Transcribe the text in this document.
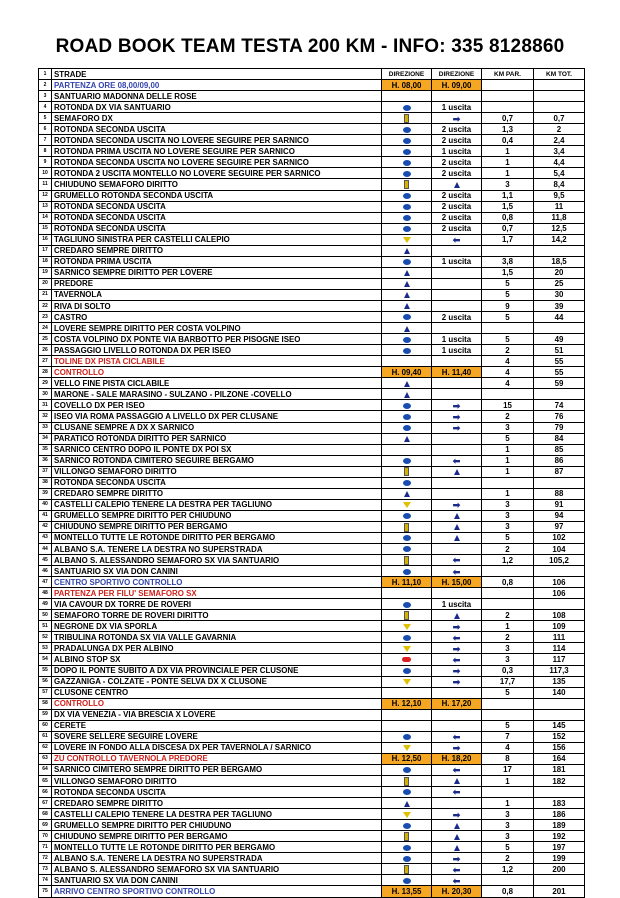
ROAD BOOK TEAM TESTA 200 KM - INFO: 335 8128860
1	STRADE	DIREZIONE	DIREZIONE	KM PAR.	KM TOT.
2	PARTENZA ORE 08,00/09,00	H. 08,00	H. 09,00		
3	SANTUARIO MADONNA DELLE ROSE				
4	ROTONDA DX VIA SANTUARIO		1 uscita		
5	SEMAFORO DX		➡	0,7	0,7
6	ROTONDA SECONDA USCITA		2 uscita	1,3	2
7	ROTONDA SECONDA USCITA NO LOVERE SEGUIRE PER SARNICO		2 uscita	0,4	2,4
8	ROTONDA PRIMA USCITA NO LOVERE SEGUIRE PER SARNICO		1 uscita	1	3,4
9	ROTONDA SECONDA USCITA NO LOVERE SEGUIRE PER SARNICO		2 uscita	1	4,4
10	ROTONDA 2 USCITA MONTELLO NO LOVERE SEGUIRE PER SARNICO		2 uscita	1	5,4
11	CHIUDUNO SEMAFORO DIRITTO			3	8,4
12	GRUMELLO ROTONDA SECONDA USCITA		2 uscita	1,1	9,5
13	ROTONDA SECONDA USCITA		2 uscita	1,5	11
14	ROTONDA SECONDA USCITA		2 uscita	0,8	11,8
15	ROTONDA SECONDA USCITA		2 uscita	0,7	12,5
16	TAGLIUNO SINISTRA PER CASTELLI CALEPIO		⬅	1,7	14,2
17	CREDARO SEMPRE DIRITTO				
18	ROTONDA PRIMA USCITA		1 uscita	3,8	18,5
19	SARNICO SEMPRE DIRITTO PER LOVERE			1,5	20
20	PREDORE			5	25
21	TAVERNOLA			5	30
22	RIVA DI SOLTO			9	39
23	CASTRO		2 uscita	5	44
24	LOVERE SEMPRE DIRITTO PER COSTA VOLPINO				
25	COSTA VOLPINO DX PONTE VIA BARBOTTO PER PISOGNE ISEO		1 uscita	5	49
26	PASSAGGIO LIVELLO ROTONDA DX PER ISEO		1 uscita	2	51
27	TOLINE DX PISTA CICLABILE			4	55
28	CONTROLLO	H. 09,40	H. 11,40	4	55
29	VELLO FINE PISTA CICLABILE			4	59
30	MARONE - SALE MARASINO - SULZANO - PILZONE -COVELLO				
31	COVELLO DX PER ISEO		➡	15	74
32	ISEO VIA ROMA PASSAGGIO A LIVELLO DX PER CLUSANE		➡	2	76
33	CLUSANE SEMPRE A DX X SARNICO		➡	3	79
34	PARATICO ROTONDA DIRITTO PER SARNICO			5	84
35	SARNICO CENTRO DOPO IL PONTE DX POI SX			1	85
36	SARNICO ROTONDA CIMITERO SEGUIRE BERGAMO		⬅	1	86
37	VILLONGO SEMAFORO DIRITTO			1	87
38	ROTONDA SECONDA USCITA				
39	CREDARO SEMPRE DIRITTO			1	88
40	CASTELLI CALEPIO TENERE LA DESTRA PER TAGLIUNO		➡	3	91
41	GRUMELLO SEMPRE DIRITTO PER CHIUDUNO			3	94
42	CHIUDUNO SEMPRE DIRITTO PER BERGAMO			3	97
43	MONTELLO TUTTE LE ROTONDE DIRITTO PER BERGAMO			5	102
44	ALBANO S.A. TENERE LA DESTRA NO SUPERSTRADA			2	104
45	ALBANO S. ALESSANDRO SEMAFORO SX VIA SANTUARIO		⬅	1,2	105,2
46	SANTUARIO SX VIA DON CANINI		⬅		
47	CENTRO SPORTIVO CONTROLLO	H. 11,10	H. 15,00	0,8	106
48	PARTENZA PER FILU' SEMAFORO SX				106
49	VIA CAVOUR DX TORRE DE ROVERI		1 uscita		
50	SEMAFORO TORRE DE ROVERI DIRITTO			2	108
51	NEGRONE DX VIA SPORLA		➡	1	109
52	TRIBULINA ROTONDA SX VIA VALLE GAVARNIA		⬅	2	111
53	PRADALUNGA DX PER ALBINO		➡	3	114
54	ALBINO STOP SX		⬅	3	117
55	DOPO IL PONTE SUBITO A DX VIA PROVINCIALE PER CLUSONE		➡	0,3	117,3
56	GAZZANIGA - COLZATE - PONTE SELVA DX X CLUSONE		➡	17,7	135
57	CLUSONE CENTRO			5	140
58	CONTROLLO	H. 12,10	H. 17,20		
59	DX VIA VENEZIA - VIA BRESCIA X LOVERE				
60	CERETE			5	145
61	SOVERE SELLERE SEGUIRE LOVERE		⬅	7	152
62	LOVERE IN FONDO ALLA DISCESA DX PER TAVERNOLA / SARNICO		➡	4	156
63	ZU CONTROLLO TAVERNOLA PREDORE	H. 12,50	H. 18,20	8	164
64	SARNICO CIMITERO SEMPRE DIRITTO PER BERGAMO		⬅	17	181
65	VILLONGO SEMAFORO DIRITTO			1	182
66	ROTONDA SECONDA USCITA		⬅		
67	CREDARO SEMPRE DIRITTO			1	183
68	CASTELLI CALEPIO TENERE LA DESTRA PER TAGLIUNO		➡	3	186
69	GRUMELLO SEMPRE DIRITTO PER CHIUDUNO			3	189
70	CHIUDUNO SEMPRE DIRITTO PER BERGAMO			3	192
71	MONTELLO TUTTE LE ROTONDE DIRITTO PER BERGAMO			5	197
72	ALBANO S.A. TENERE LA DESTRA NO SUPERSTRADA		➡	2	199
73	ALBANO S. ALESSANDRO SEMAFORO SX VIA SANTUARIO		⬅	1,2	200
74	SANTUARIO SX VIA DON CANINI		⬅		
75	ARRIVO CENTRO SPORTIVO CONTROLLO	H. 13,55	H. 20,30	0,8	201
